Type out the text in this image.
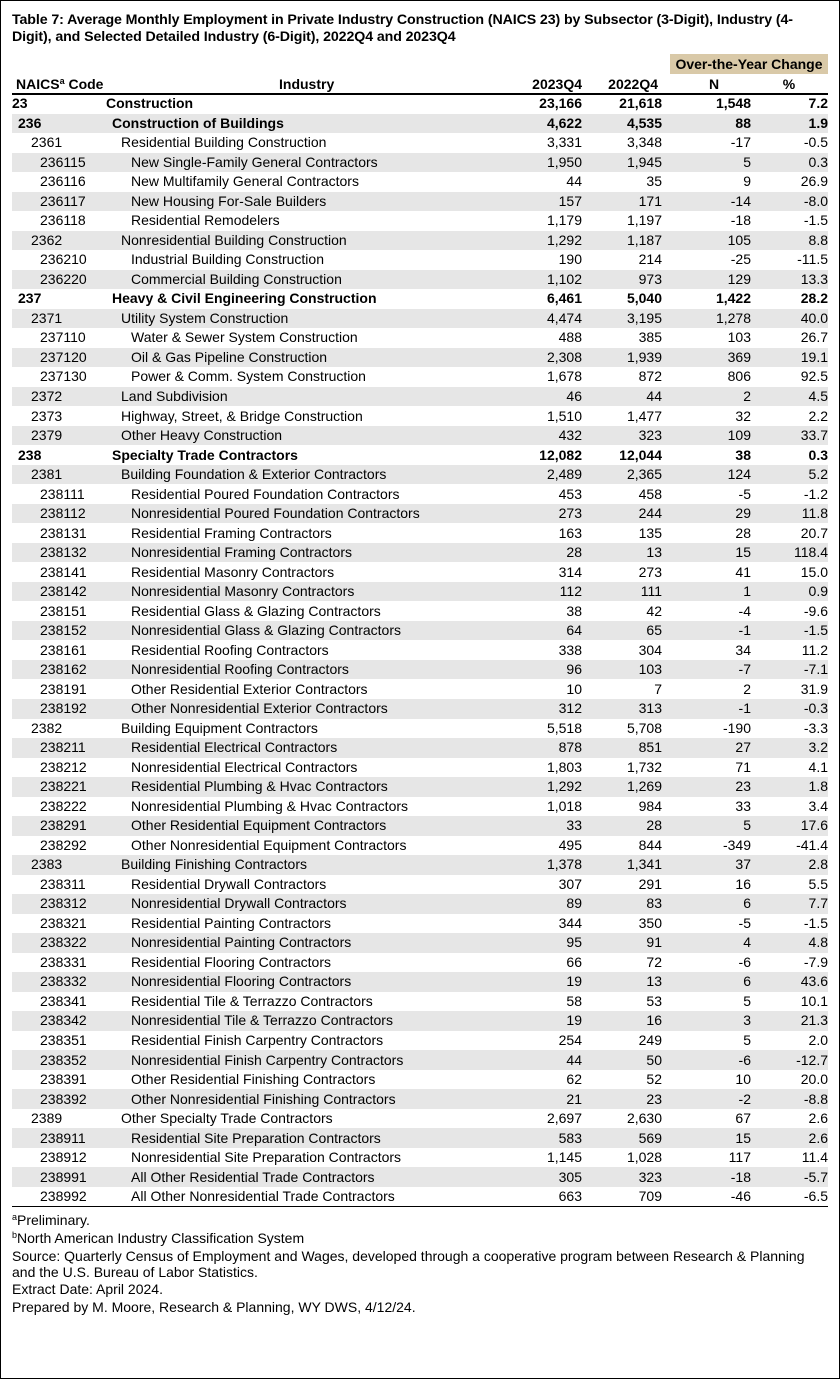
Table 7: Average Monthly Employment in Private Industry Construction (NAICS 23) by Subsector (3-Digit), Industry (4-Digit), and Selected Detailed Industry (6-Digit), 2022Q4 and 2023Q4
Over-the-Year Change
NAICS$^a$ Code	Industry	2023Q4	2022Q4	N	%
23	Construction	23,166	21,618	1,548	7.2
236	Construction of Buildings	4,622	4,535	88	1.9
2361	Residential Building Construction	3,331	3,348	-17	-0.5
236115	New Single-Family General Contractors	1,950	1,945	5	0.3
236116	New Multifamily General Contractors	44	35	9	26.9
236117	New Housing For-Sale Builders	157	171	-14	-8.0
236118	Residential Remodelers	1,179	1,197	-18	-1.5
2362	Nonresidential Building Construction	1,292	1,187	105	8.8
236210	Industrial Building Construction	190	214	-25	-11.5
236220	Commercial Building Construction	1,102	973	129	13.3
237	Heavy & Civil Engineering Construction	6,461	5,040	1,422	28.2
2371	Utility System Construction	4,474	3,195	1,278	40.0
237110	Water & Sewer System Construction	488	385	103	26.7
237120	Oil & Gas Pipeline Construction	2,308	1,939	369	19.1
237130	Power & Comm. System Construction	1,678	872	806	92.5
2372	Land Subdivision	46	44	2	4.5
2373	Highway, Street, & Bridge Construction	1,510	1,477	32	2.2
2379	Other Heavy Construction	432	323	109	33.7
238	Specialty Trade Contractors	12,082	12,044	38	0.3
2381	Building Foundation & Exterior Contractors	2,489	2,365	124	5.2
238111	Residential Poured Foundation Contractors	453	458	-5	-1.2
238112	Nonresidential Poured Foundation Contractors	273	244	29	11.8
238131	Residential Framing Contractors	163	135	28	20.7
238132	Nonresidential Framing Contractors	28	13	15	118.4
238141	Residential Masonry Contractors	314	273	41	15.0
238142	Nonresidential Masonry Contractors	112	111	1	0.9
238151	Residential Glass & Glazing Contractors	38	42	-4	-9.6
238152	Nonresidential Glass & Glazing Contractors	64	65	-1	-1.5
238161	Residential Roofing Contractors	338	304	34	11.2
238162	Nonresidential Roofing Contractors	96	103	-7	-7.1
238191	Other Residential Exterior Contractors	10	7	2	31.9
238192	Other Nonresidential Exterior Contractors	312	313	-1	-0.3
2382	Building Equipment Contractors	5,518	5,708	-190	-3.3
238211	Residential Electrical Contractors	878	851	27	3.2
238212	Nonresidential Electrical Contractors	1,803	1,732	71	4.1
238221	Residential Plumbing & Hvac Contractors	1,292	1,269	23	1.8
238222	Nonresidential Plumbing & Hvac Contractors	1,018	984	33	3.4
238291	Other Residential Equipment Contractors	33	28	5	17.6
238292	Other Nonresidential Equipment Contractors	495	844	-349	-41.4
2383	Building Finishing Contractors	1,378	1,341	37	2.8
238311	Residential Drywall Contractors	307	291	16	5.5
238312	Nonresidential Drywall Contractors	89	83	6	7.7
238321	Residential Painting Contractors	344	350	-5	-1.5
238322	Nonresidential Painting Contractors	95	91	4	4.8
238331	Residential Flooring Contractors	66	72	-6	-7.9
238332	Nonresidential Flooring Contractors	19	13	6	43.6
238341	Residential Tile & Terrazzo Contractors	58	53	5	10.1
238342	Nonresidential Tile & Terrazzo Contractors	19	16	3	21.3
238351	Residential Finish Carpentry Contractors	254	249	5	2.0
238352	Nonresidential Finish Carpentry Contractors	44	50	-6	-12.7
238391	Other Residential Finishing Contractors	62	52	10	20.0
238392	Other Nonresidential Finishing Contractors	21	23	-2	-8.8
2389	Other Specialty Trade Contractors	2,697	2,630	67	2.6
238911	Residential Site Preparation Contractors	583	569	15	2.6
238912	Nonresidential Site Preparation Contractors	1,145	1,028	117	11.4
238991	All Other Residential Trade Contractors	305	323	-18	-5.7
238992	All Other Nonresidential Trade Contractors	663	709	-46	-6.5
$^a$Preliminary.
$^b$North American Industry Classification System
Source: Quarterly Census of Employment and Wages, developed through a cooperative program between Research & Planning and the U.S. Bureau of Labor Statistics.
Extract Date: April 2024.
Prepared by M. Moore, Research & Planning, WY DWS, 4/12/24.
